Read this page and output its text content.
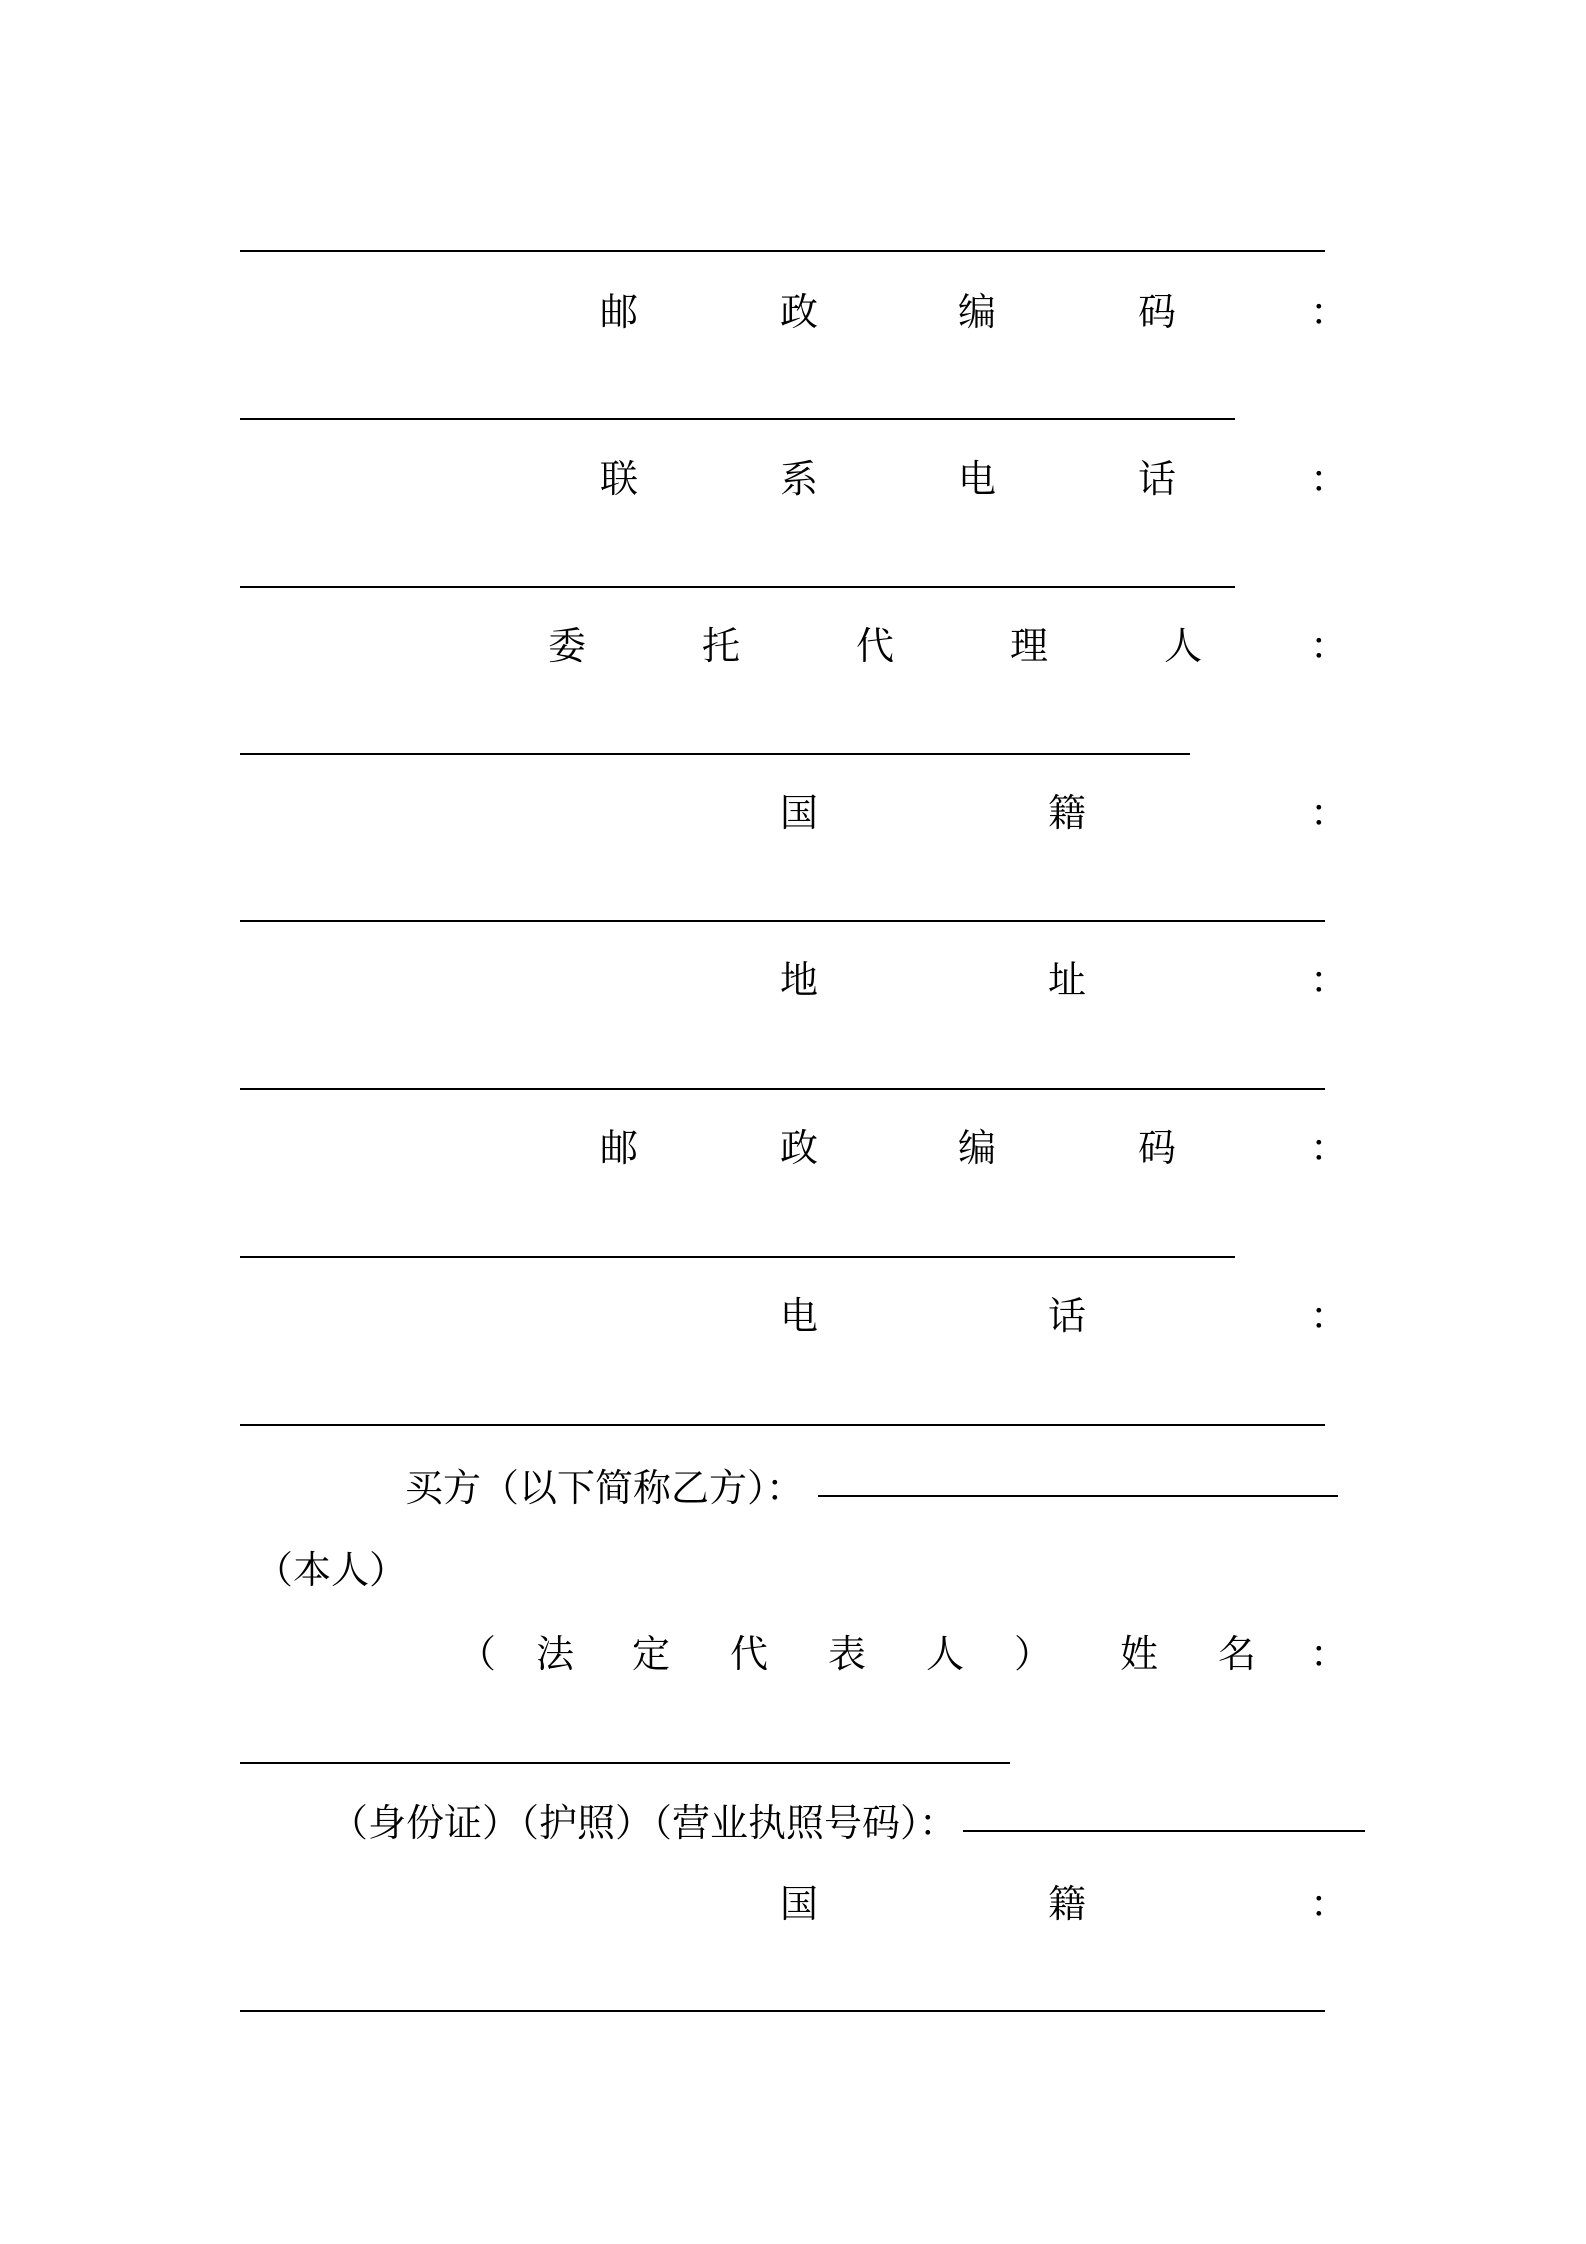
邮	政	编	码	：
联	系	电	话	：
委	托	代	理	人	：
国	籍	：
地	址	：
邮	政	编	码	：
电	话	：
买方（以下简称乙方）：
（本人）
（ 法 定 代 表 人 ） 姓 名 ：
（身份证）（护照）（营业执照号码）：
国	籍	：
